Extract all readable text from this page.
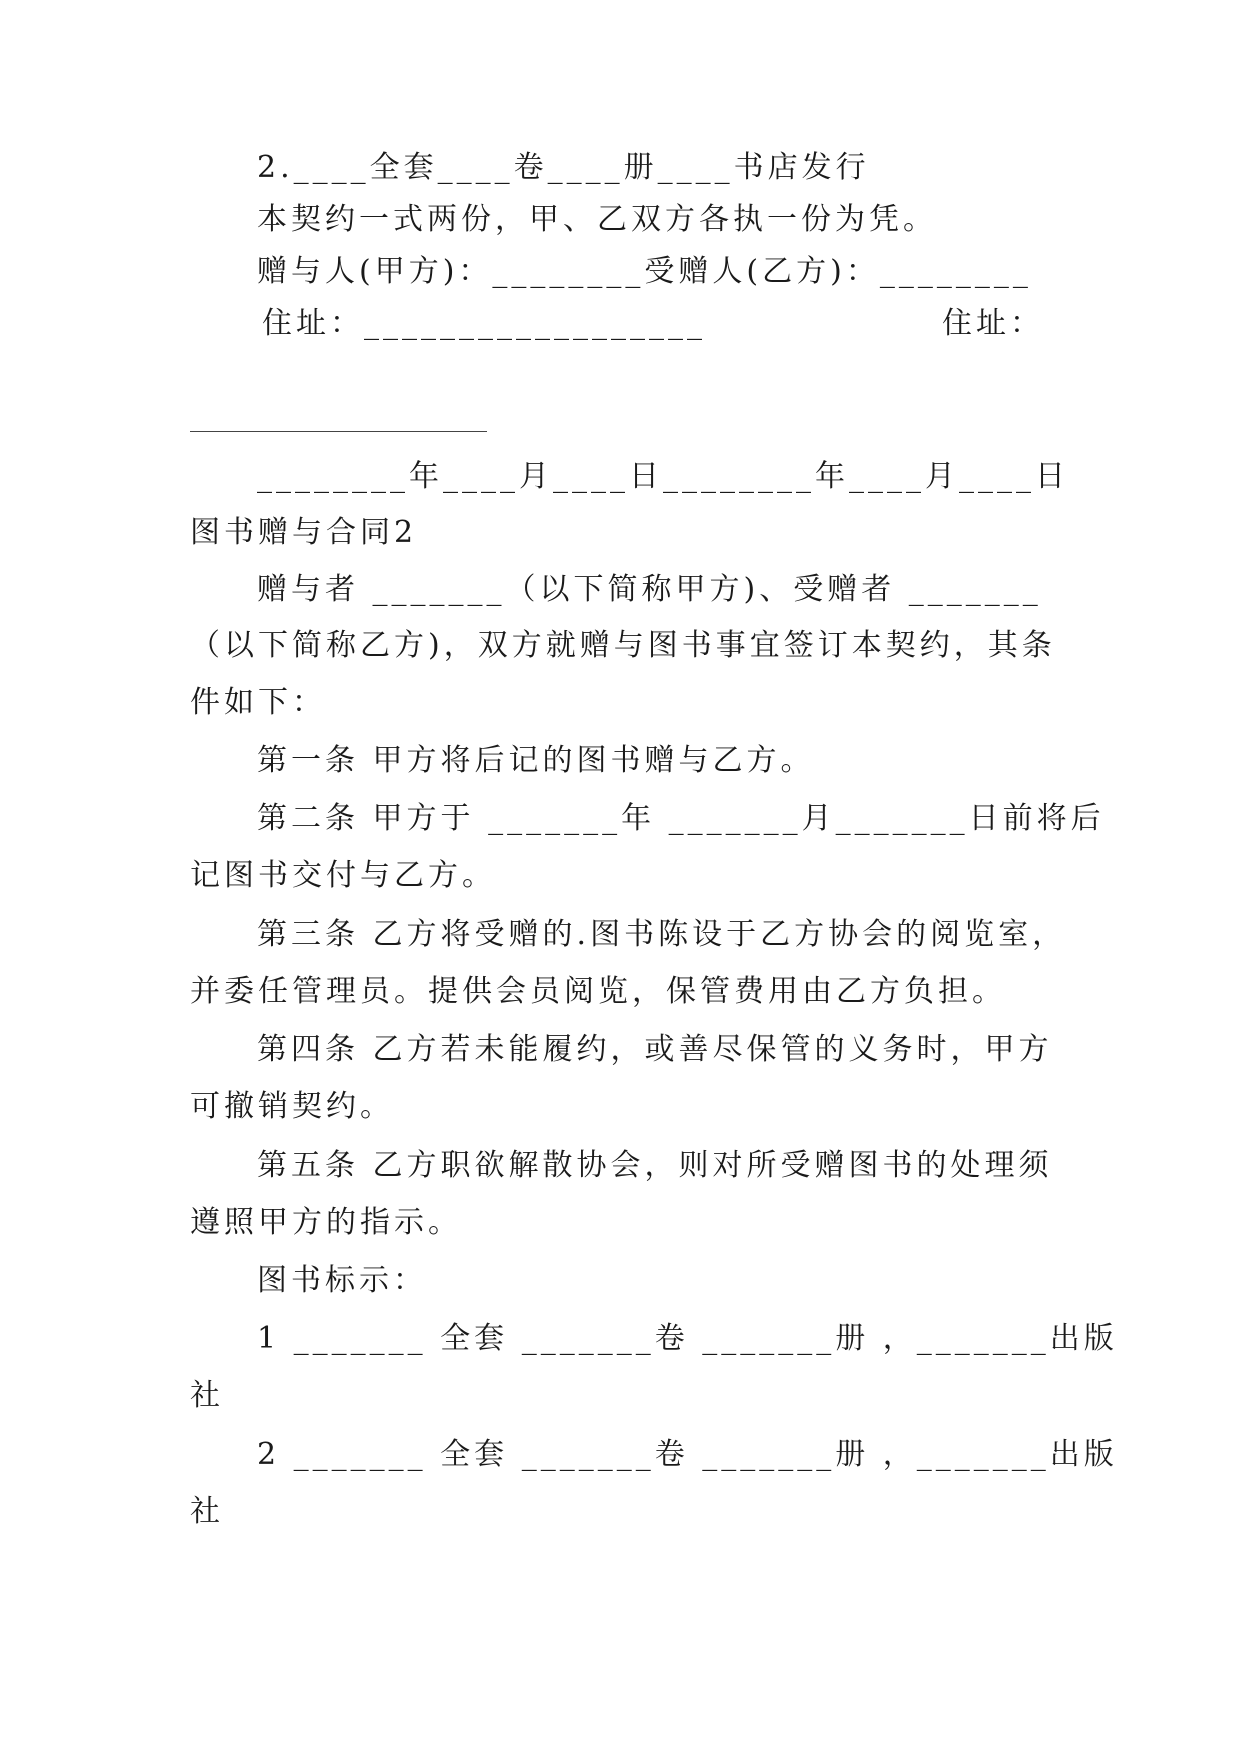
2.____全套____卷____册____书店发行
本契约一式两份，甲、乙双方各执一份为凭。
赠与人(甲方)：________受赠人(乙方)：________
住址：__________________	住址：
________年____月____日________年____月____日
图书赠与合同2
赠与者 _______（以下简称甲方)、受赠者 _______
（以下简称乙方)，双方就赠与图书事宜签订本契约，其条
件如下：
第一条 甲方将后记的图书赠与乙方。
第二条 甲方于 _______年 _______月_______日前将后
记图书交付与乙方。
第三条 乙方将受赠的.图书陈设于乙方协会的阅览室，
并委任管理员。提供会员阅览，保管费用由乙方负担。
第四条 乙方若未能履约，或善尽保管的义务时，甲方
可撤销契约。
第五条 乙方职欲解散协会，则对所受赠图书的处理须
遵照甲方的指示。
图书标示：
1 _______ 全套 _______卷 _______册 ，_______出版
社
2 _______ 全套 _______卷 _______册 ，_______出版
社
